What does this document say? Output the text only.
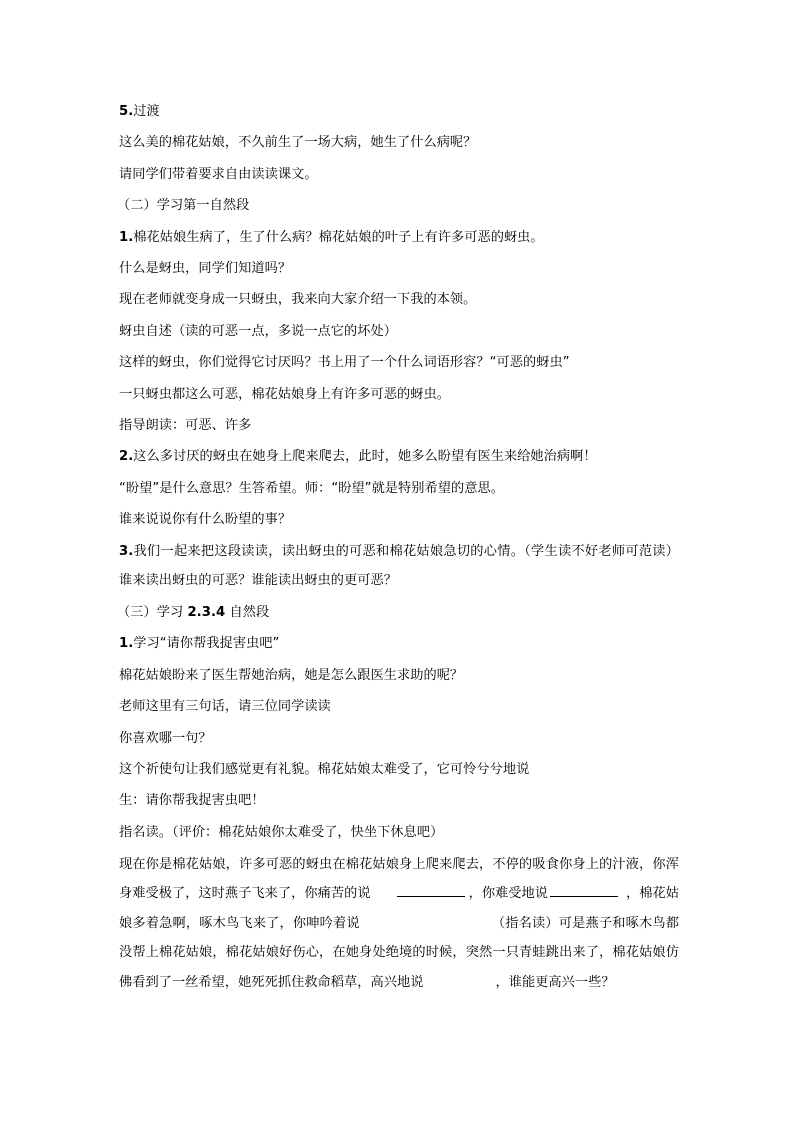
5.过渡

这么美的棉花姑娘，不久前生了一场大病，她生了什么病呢？

请同学们带着要求自由读读课文。

（二）学习第一自然段

1.棉花姑娘生病了，生了什么病？棉花姑娘的叶子上有许多可恶的蚜虫。

什么是蚜虫，同学们知道吗？

现在老师就变身成一只蚜虫，我来向大家介绍一下我的本领。

蚜虫自述（读的可恶一点，多说一点它的坏处）

这样的蚜虫，你们觉得它讨厌吗？书上用了一个什么词语形容？“可恶的蚜虫”

一只蚜虫都这么可恶，棉花姑娘身上有许多可恶的蚜虫。

指导朗读：可恶、许多

2.这么多讨厌的蚜虫在她身上爬来爬去，此时，她多么盼望有医生来给她治病啊！

“盼望”是什么意思？生答希望。师：“盼望”就是特别希望的意思。

谁来说说你有什么盼望的事？

3.我们一起来把这段读读，读出蚜虫的可恶和棉花姑娘急切的心情。（学生读不好老师可范读）谁来读出蚜虫的可恶？谁能读出蚜虫的更可恶？

（三）学习 2.3.4 自然段

1.学习“请你帮我捉害虫吧”

棉花姑娘盼来了医生帮她治病，她是怎么跟医生求助的呢？

老师这里有三句话，请三位同学读读

你喜欢哪一句？

这个祈使句让我们感觉更有礼貌。棉花姑娘太难受了，它可怜兮兮地说

生：请你帮我捉害虫吧！

指名读。（评价：棉花姑娘你太难受了，快坐下休息吧）

现在你是棉花姑娘，许多可恶的蚜虫在棉花姑娘身上爬来爬去，不停的吸食你身上的汁液，你浑身难受极了，这时燕子飞来了，你痛苦的说	，你难受地说	，棉花姑娘多着急啊，啄木鸟飞来了，你呻吟着说	（指名读）可是燕子和啄木鸟都没帮上棉花姑娘，棉花姑娘好伤心，在她身处绝境的时候，突然一只青蛙跳出来了，棉花姑娘仿佛看到了一丝希望，她死死抓住救命稻草，高兴地说	，谁能更高兴一些？
